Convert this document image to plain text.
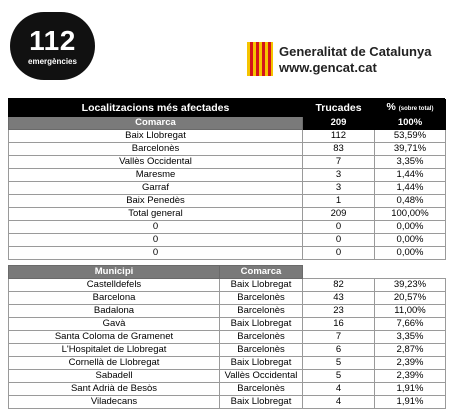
112
emergències
Generalitat de Catalunya
www.gencat.cat
Localitzacions més afectades	Trucades	% (sobre total)
Comarca	209	100%
Baix Llobregat	112	53,59%
Barcelonès	83	39,71%
Vallès Occidental	7	3,35%
Maresme	3	1,44%
Garraf	3	1,44%
Baix Penedès	1	0,48%
Total general	209	100,00%
0	0	0,00%
0	0	0,00%
0	0	0,00%
Municipi	Comarca		
Castelldefels	Baix Llobregat	82	39,23%
Barcelona	Barcelonès	43	20,57%
Badalona	Barcelonès	23	11,00%
Gavà	Baix Llobregat	16	7,66%
Santa Coloma de Gramenet	Barcelonès	7	3,35%
L'Hospitalet de Llobregat	Barcelonès	6	2,87%
Cornellà de Llobregat	Baix Llobregat	5	2,39%
Sabadell	Vallès Occidental	5	2,39%
Sant Adrià de Besòs	Barcelonès	4	1,91%
Viladecans	Baix Llobregat	4	1,91%
